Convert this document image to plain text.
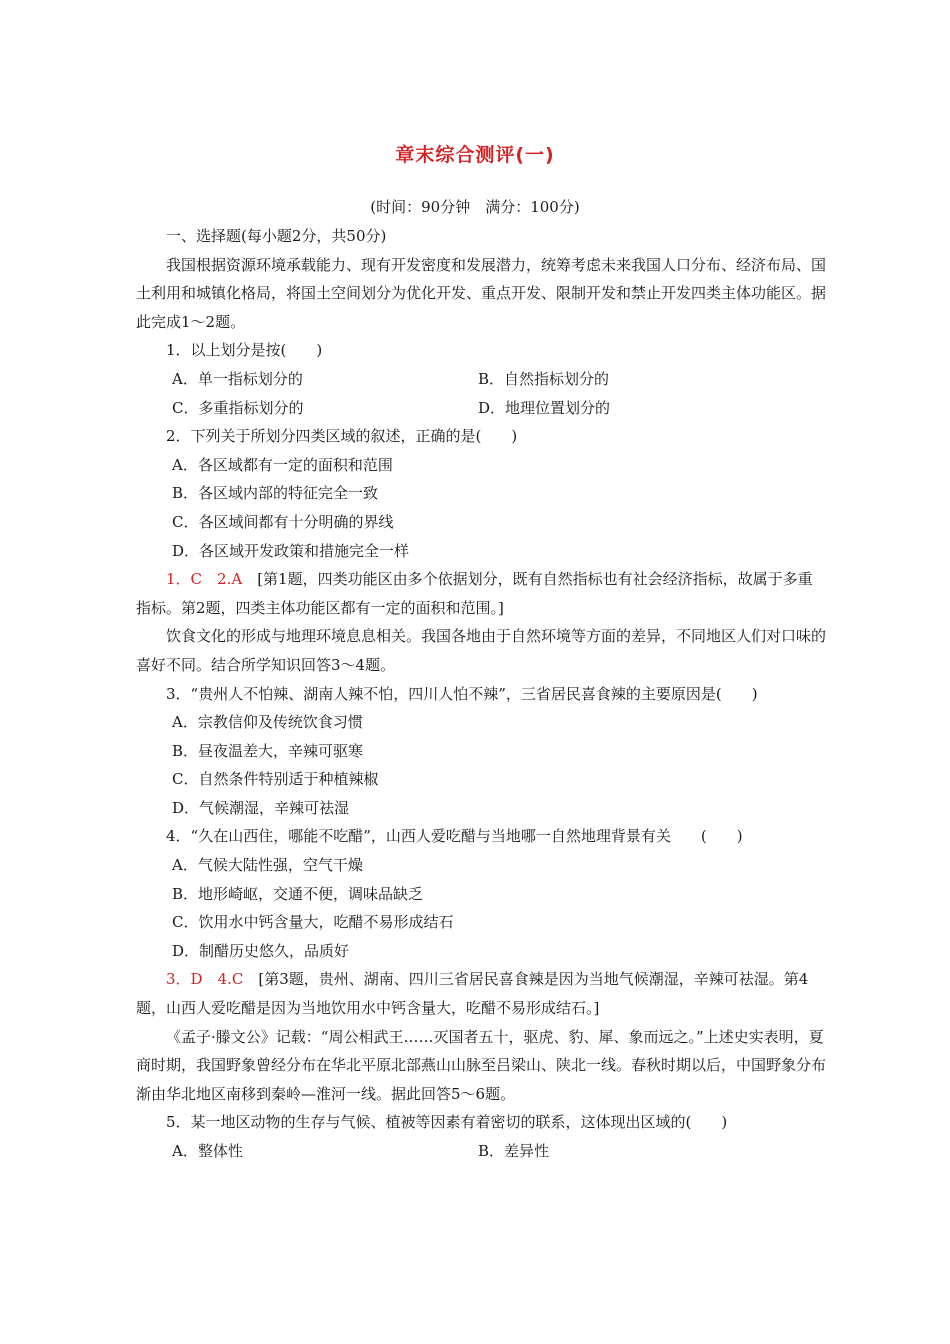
章末综合测评(一)
(时间：90分钟　满分：100分)

一、选择题(每小题2分，共50分)

我国根据资源环境承载能力、现有开发密度和发展潜力，统筹考虑未来我国人口分布、经济布局、国土利用和城镇化格局，将国土空间划分为优化开发、重点开发、限制开发和禁止开发四类主体功能区。据此完成1～2题。

1．以上划分是按(　　)

A．单一指标划分的	B．自然指标划分的
C．多重指标划分的	D．地理位置划分的

2．下列关于所划分四类区域的叙述，正确的是(　　)

A．各区域都有一定的面积和范围

B．各区域内部的特征完全一致

C．各区域间都有十分明确的界线

D．各区域开发政策和措施完全一样

1．C　2.A　 [第1题，四类功能区由多个依据划分，既有自然指标也有社会经济指标，故属于多重指标。第2题，四类主体功能区都有一定的面积和范围。]

饮食文化的形成与地理环境息息相关。我国各地由于自然环境等方面的差异，不同地区人们对口味的喜好不同。结合所学知识回答3～4题。

3．“贵州人不怕辣、湖南人辣不怕，四川人怕不辣”，三省居民喜食辣的主要原因是(　　)

A．宗教信仰及传统饮食习惯

B．昼夜温差大，辛辣可驱寒

C．自然条件特别适于种植辣椒

D．气候潮湿，辛辣可祛湿

4．“久在山西住，哪能不吃醋”，山西人爱吃醋与当地哪一自然地理背景有关　　(　　)

A．气候大陆性强，空气干燥

B．地形崎岖，交通不便，调味品缺乏

C．饮用水中钙含量大，吃醋不易形成结石

D．制醋历史悠久，品质好

3．D　4.C　 [第3题，贵州、湖南、四川三省居民喜食辣是因为当地气候潮湿，辛辣可祛湿。第4题，山西人爱吃醋是因为当地饮用水中钙含量大，吃醋不易形成结石。]

《孟子·滕文公》记载：“周公相武王……灭国者五十，驱虎、豹、犀、象而远之。”上述史实表明，夏商时期，我国野象曾经分布在华北平原北部燕山山脉至吕梁山、陕北一线。春秋时期以后，中国野象分布渐由华北地区南移到秦岭—淮河一线。据此回答5～6题。

5．某一地区动物的生存与气候、植被等因素有着密切的联系，这体现出区域的(　　)

A．整体性	B．差异性
